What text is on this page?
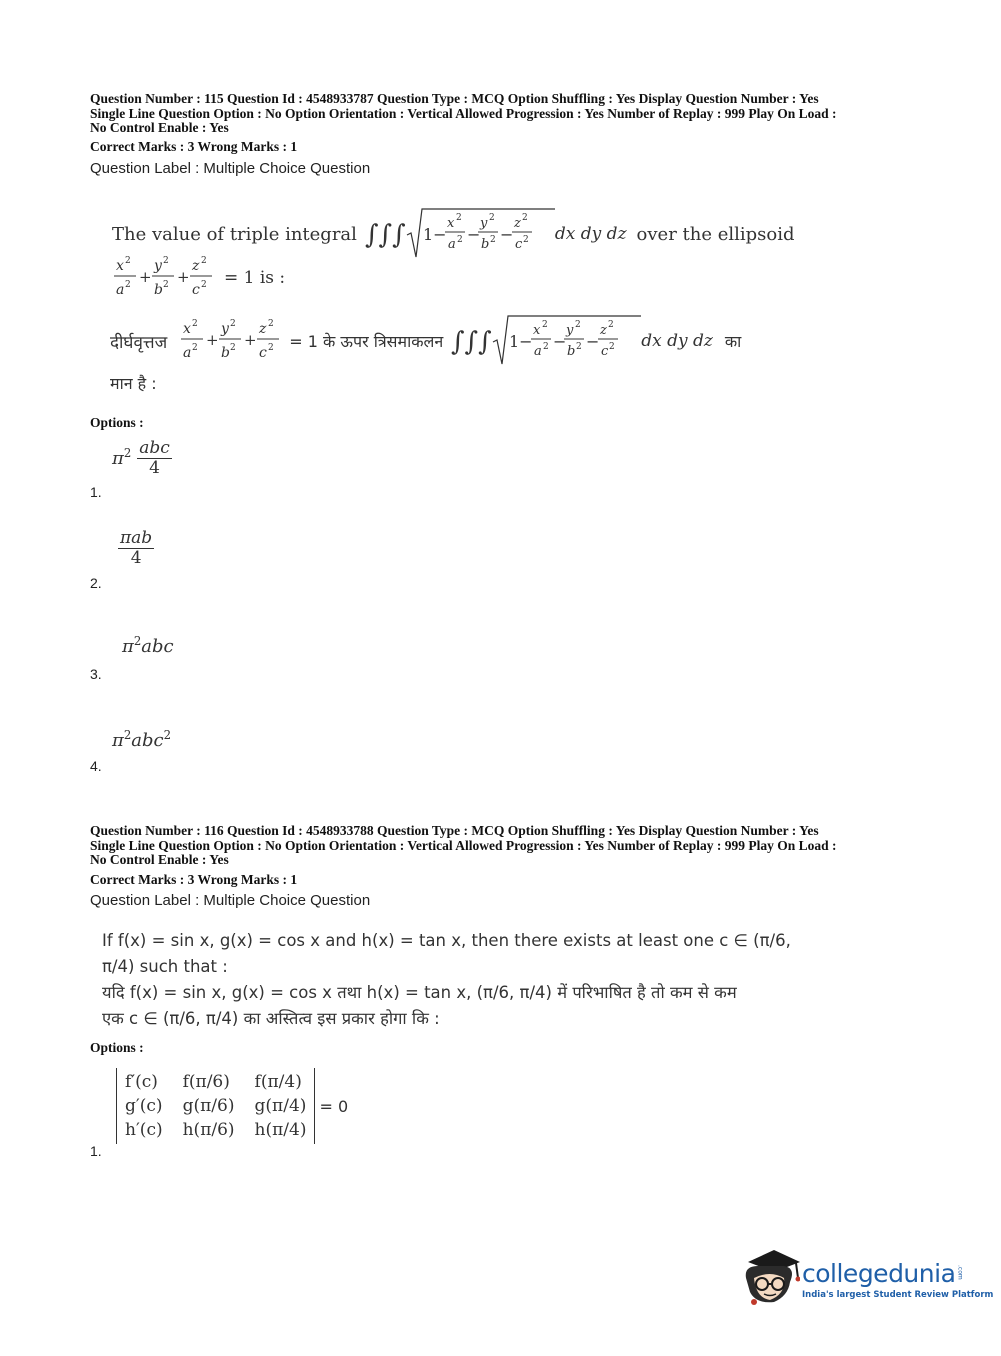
Question Number : 115 Question Id : 4548933787 Question Type : MCQ Option Shuffling : Yes Display Question Number : Yes
Single Line Question Option : No Option Orientation : Vertical Allowed Progression : Yes Number of Replay : 999 Play On Load :
No Control Enable : Yes
Correct Marks : 3 Wrong Marks : 1
Question Label : Multiple Choice Question
The value of triple integral ∫∫∫ 1−
x 2
a 2 −
y 2
b 2 −
z 2
c 2 dx dy dz over the ellipsoid
x 2
a 2 +
y 2
b 2 +
z 2
c 2 = 1 is :
दीर्घवृत्तज
x 2
a 2 +
y 2
b 2 +
z 2
c 2 = 1 के ऊपर त्रिसमाकलन ∫∫∫ 1−
x 2
a 2 −
y 2
b 2 −
z 2
c 2 dx dy dz का
मान है :
Options :
$\pi^2 \frac{\text{abc}}{4}$
1.
$\frac{\text{πab}}{4}$
2.
$\pi^2abc$
3.
$\pi^2abc^2$
4.
Question Number : 116 Question Id : 4548933788 Question Type : MCQ Option Shuffling : Yes Display Question Number : Yes
Single Line Question Option : No Option Orientation : Vertical Allowed Progression : Yes Number of Replay : 999 Play On Load :
No Control Enable : Yes
Correct Marks : 3 Wrong Marks : 1
Question Label : Multiple Choice Question
If f(x) = sin x, g(x) = cos x and h(x) = tan x, then there exists at least one c ∈ (π/6,
π/4) such that :
यदि f(x) = sin x, g(x) = cos x तथा h(x) = tan x, (π/6, π/4) में परिभाषित है तो कम से कम
एक c ∈ (π/6, π/4) का अस्तित्व इस प्रकार होगा कि :
Options :
f′(c)	f(π/6)	f(π/4)
g′(c)	g(π/6)	g(π/4)
h′(c)	h(π/6)	h(π/4)
= 0
1.
collegedunia .com
India's largest Student Review Platform
